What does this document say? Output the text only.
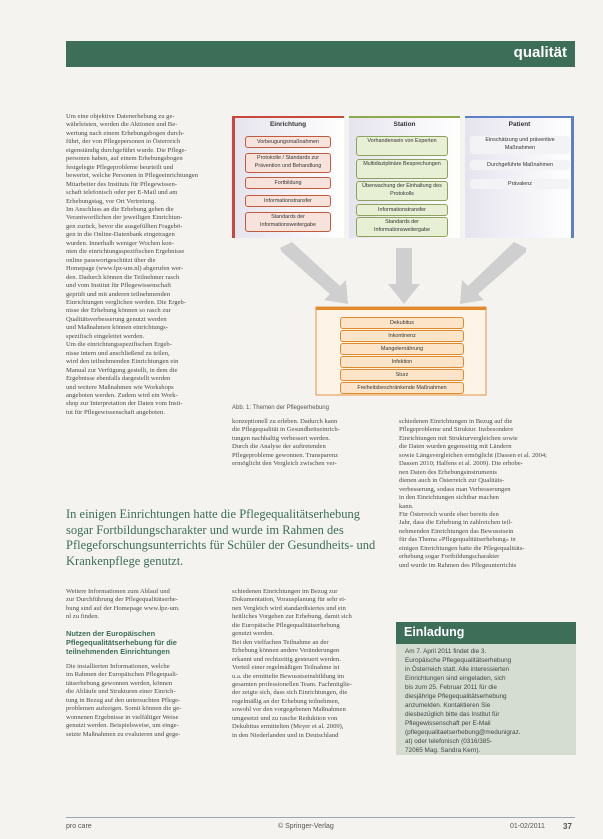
qualität
Um eine objektive Datenerhebung zu ge-
währleisten, werden die Aktionen und Be-
wertung nach einem Erhebungsbogen durch-
führt, der von Pflegepersonen in Österreich
eigenständig durchgeführt wurde. Die Pflege-
personen haben, auf einem Erhebungsbogen
festgelegte Pflegeprobleme beurteilt und
bewertet, welche Personen in Pflegeeinrichtungen
Mitarbeiter des Instituts für Pflegewissen-
schaft telefonisch oder per E-Mail und am
Erhebungstag, vor Ort Vertretung.
Im Anschluss an die Erhebung gehen die
Verantwortlichen der jeweiligen Einrichtun-
gen zurück, bevor die ausgefüllten Fragebö-
gen in die Online-Datenbank eingetragen
wurden. Innerhalb weniger Wochen kon-
nten die einrichtungsspezifischen Ergebnisse
online passwortgeschützt über die
Homepage (www.lpz-um.nl) abgerufen wer-
den. Dadurch können die Teilnehmer rasch
und vom Institut für Pflegewissenschaft
geprüft und mit anderen teilnehmenden
Einrichtungen verglichen werden. Die Ergeb-
nisse der Erhebung können so rasch zur
Qualitätsverbesserung genutzt werden
und Maßnahmen können einrichtungs-
spezifisch eingeleitet werden.
Um die einrichtungsspezifischen Ergeb-
nisse intern und anschließend zu teilen,
wird den teilnehmenden Einrichtungen ein
Manual zur Verfügung gestellt, in dem die
Ergebnisse ebenfalls dargestellt werden
und weitere Maßnahmen wie Workshops
angeboten werden. Zudem wird ein Work-
shop zur Interpretation der Daten vom Insti-
tut für Pflegewissenschaft angeboten.
Einrichtung	Station	Patient
Vorbeugungsmaßnahmen
Protokolle / Standards zur Prävention und Behandlung
Fortbildung
Informationstransfer
Standards der Informationsweitergabe
Vorhandensein von Experten
Multidisziplinäre Besprechungen
Überwachung der Einhaltung des Protokolls
Informationstransfer
Standards der Informationsweitergabe
Einschätzung und präventive Maßnahmen
Durchgeführte Maßnahmen
Prävalenz
Dekubitus
Inkontinenz
Mangelernährung
Infektion
Sturz
Freiheitsbeschränkende Maßnahmen
Abb. 1: Themen der Pflegeerhebung
konzeptionell zu erleben. Dadurch kann
die Pflegequalität in Gesundheitseinrich-
tungen nachhaltig verbessert werden.
Durch die Analyse der auftretenden
Pflegeprobleme gewonnen. Transparenz
ermöglicht den Vergleich zwischen ver-
schiedenen Einrichtungen in Bezug auf die
Pflegeprobleme und Struktur. Insbesondere
Einrichtungen mit Strukturvergleichen sowie
die Daten wurden gegenseitig mit Ländern
sowie Längsvergleichen ermöglicht (Dassen et al. 2004;
Dassen 2010; Halfens et al. 2009). Die erhobe-
nen Daten des Erhebungsinstruments
dienen auch in Österreich zur Qualitäts-
verbesserung, sodass man Verbesserungen
in den Einrichtungen sichtbar machen
kann.
Für Österreich wurde eher bereits den
Jahr, dass die Erhebung in zahlreichen teil-
nehmenden Einrichtungen das Bewusstsein
für das Thema »Pflegequalitätserhebung« in
einigen Einrichtungen hatte die Pflegequalitäts-
erhebung sogar Fortbildungscharakter
und wurde im Rahmen des Pflegeunterrichts
In einigen Einrichtungen hatte die Pflegequalitätserhebung sogar Fortbildungscharakter und wurde im Rahmen des Pflegeforschungsunterrichts für Schüler der Gesundheits- und Krankenpflege genutzt.
Weitere Informationen zum Ablauf und
zur Durchführung der Pflegequalitätserhe-
bung sind auf der Homepage www.lpz-um.
nl zu finden.
Nutzen der Europäischen Pflegequalitätserhebung für die teilnehmenden Einrichtungen
Die installierten Informationen, welche
im Rahmen der Europäischen Pflegequali-
tätserhebung gewonnen werden, können
die Abläufe und Strukturen einer Einrich-
tung in Bezug auf den untersuchten Pflege-
problemen aufzeigen. Somit können die ge-
wonnenen Ergebnisse in vielfältiger Weise
genutzt werden. Beispielsweise, um einge-
setzte Maßnahmen zu evaluieren und gege-
schiedenen Einrichtungen im Bezug zur
Dokumentation, Vorausplanung für sehr ei-
nen Vergleich wird standardisiertes und ein
heitliches Vorgehen zur Erhebung, damit sich
die Europäische Pflegequalitätserhebung
genutzt werden.
Bei den vielfachen Teilnahme an der
Erhebung können andere Veränderungen
erkannt und rechtzeitig gesteuert werden.
Vorteil einer regelmäßigen Teilnahme ist
u.a. die ermittelte Bewusstseinsbildung im
gesamten professionellen Team. Fachmitglie-
der zeigte sich, dass sich Einrichtungen, die
regelmäßig an der Erhebung teilnehmen,
sowohl vor den vorgegebenen Maßnahmen
umgesetzt und zu rasche Reduktion von
Dekubitus ermittelten (Meyer et al. 2009),
in den Niederlanden und in Deutschland
Einladung
Am 7. April 2011 findet die 3.
Europäische Pflegequalitätserhebung
in Österreich statt. Alle interessierten
Einrichtungen sind eingeladen, sich
bis zum 25. Februar 2011 für die
diesjährige Pflegequalitätserhebung
anzumelden. Kontaktieren Sie
diesbezüglich bitte das Institut für
Pflegewissenschaft per E-Mail
(pflegequalitaetserhebung@medunigraz.
at) oder telefonisch (0316/385-
72065 Mag. Sandra Kern).
pro care	© Springer-Verlag	01-02/2011 37
